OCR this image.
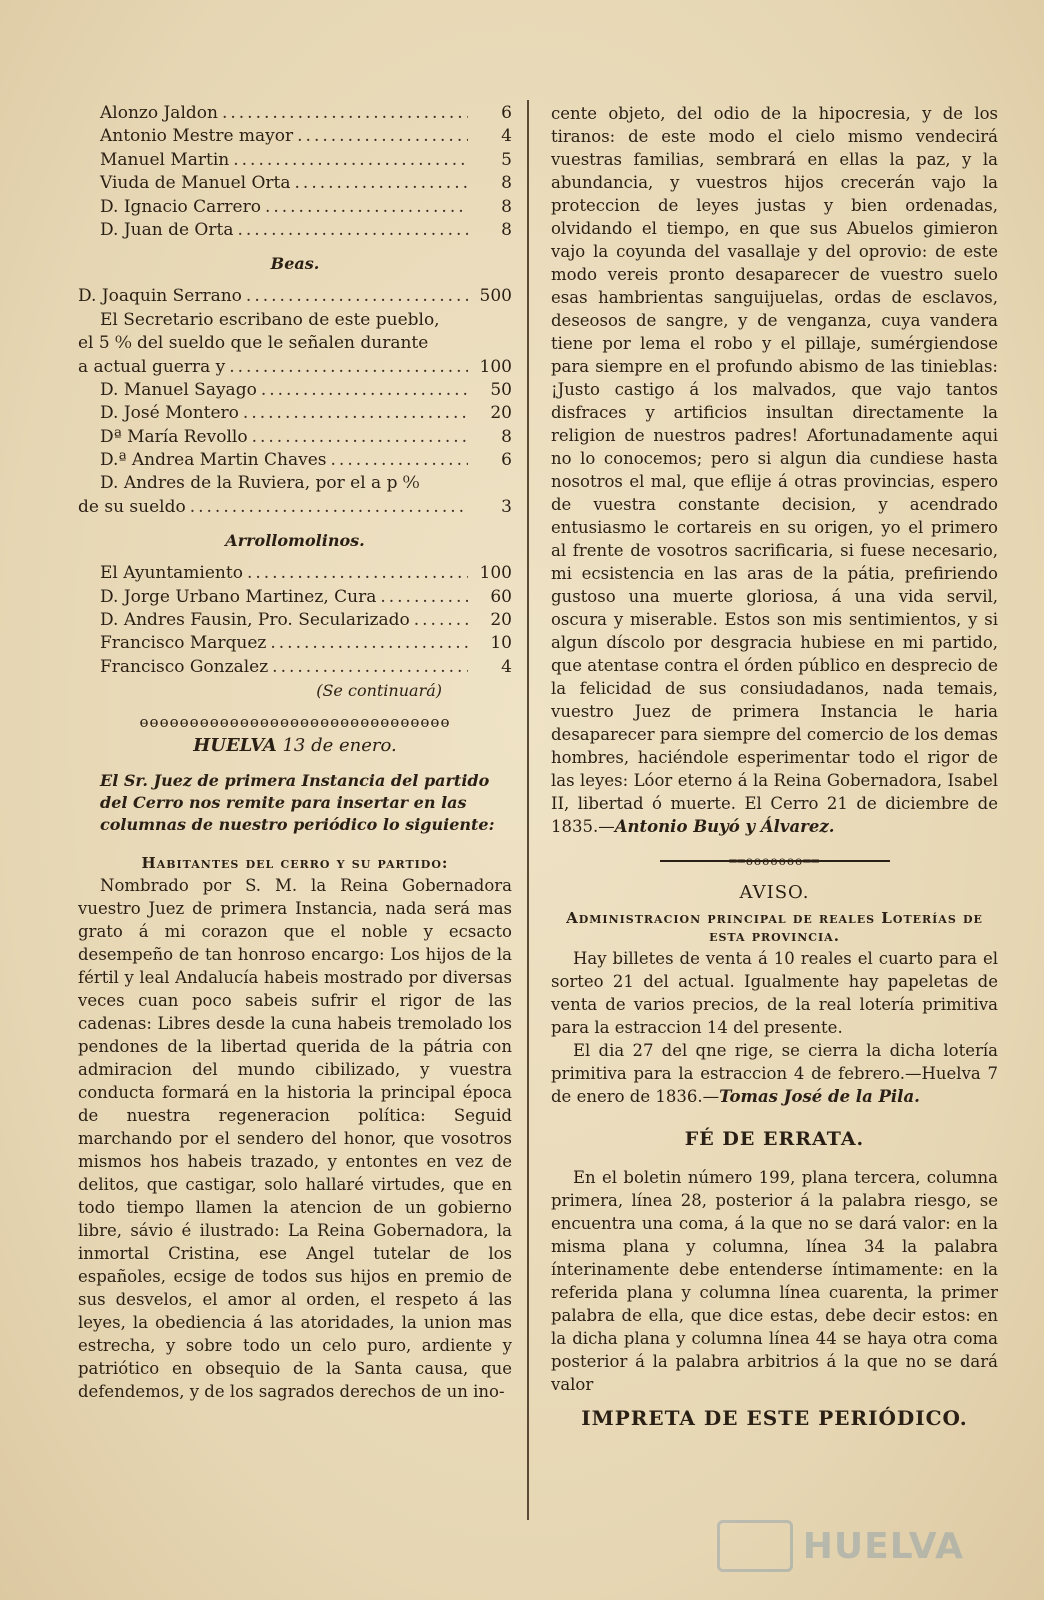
Alonzo Jaldon .....	6
Antonio Mestre mayor .....	4
Manuel Martin .....	5
Viuda de Manuel Orta .....	8
D. Ignacio Carrero .....	8
D. Juan de Orta .....	8
Beas.
D. Joaquin Serrano .....	500
El Secretario escribano de este pueblo,
el 5 ⁰⁄₀ del sueldo que le señalen durante
a actual guerra y .....	100
D. Manuel Sayago .....	50
D. José Montero .....	20
Dª María Revollo .....	8
D.ª Andrea Martin Chaves .....	6
D. Andres de la Ruviera, por el a p ⁰⁄₀
de su sueldo .....	3
Arrollomolinos.
El Ayuntamiento .....	100
D. Jorge Urbano Martinez, Cura .....	60
D. Andres Fausin, Pro. Secularizado .....	20
Francisco Marquez .....	10
Francisco Gonzalez .....	4
(Se continuará)
ɵɵɵɵɵɵɵɵɵɵɵɵɵɵɵɵɵɵɵɵɵɵɵɵɵɵɵɵɵɵɵ
HUELVA 13 de enero.

El Sr. Juez de primera Instancia del partido del Cerro nos remite para insertar en las columnas de nuestro periódico lo siguiente:

Habitantes del cerro y su partido:

Nombrado por S. M. la Reina Gobernadora vuestro Juez de primera Instancia, nada será mas grato á mi corazon que el noble y ecsacto desempeño de tan honroso encargo: Los hijos de la fértil y leal Andalucía habeis mostrado por diversas veces cuan poco sabeis sufrir el rigor de las cadenas: Libres desde la cuna habeis tremolado los pendones de la libertad querida de la pátria con admiracion del mundo cibilizado, y vuestra conducta formará en la historia la principal época de nuestra regeneracion política: Seguid marchando por el sendero del honor, que vosotros mismos hos habeis trazado, y entontes en vez de delitos, que castigar, solo hallaré virtudes, que en todo tiempo llamen la atencion de un gobierno libre, sávio é ilustrado: La Reina Gobernadora, la inmortal Cristina, ese Angel tutelar de los españoles, ecsige de todos sus hijos en premio de sus desvelos, el amor al orden, el respeto á las leyes, la obediencia á las atoridades, la union mas estrecha, y sobre todo un celo puro, ardiente y patriótico en obsequio de la Santa causa, que defendemos, y de los sagrados derechos de un ino-

cente objeto, del odio de la hipocresia, y de los tiranos: de este modo el cielo mismo vendecirá vuestras familias, sembrará en ellas la paz, y la abundancia, y vuestros hijos crecerán vajo la proteccion de leyes justas y bien ordenadas, olvidando el tiempo, en que sus Abuelos gimieron vajo la coyunda del vasallaje y del oprovio: de este modo vereis pronto desaparecer de vuestro suelo esas hambrientas sanguijuelas, ordas de esclavos, deseosos de sangre, y de venganza, cuya vandera tiene por lema el robo y el pillaje, sumérgiendose para siempre en el profundo abismo de las tinieblas: ¡Justo castigo á los malvados, que vajo tantos disfraces y artificios insultan directamente la religion de nuestros padres! Afortunadamente aqui no lo conocemos; pero si algun dia cundiese hasta nosotros el mal, que eflije á otras provincias, espero de vuestra constante decision, y acendrado entusiasmo le cortareis en su origen, yo el primero al frente de vosotros sacrificaria, si fuese necesario, mi ecsistencia en las aras de la pátia, prefiriendo gustoso una muerte gloriosa, á una vida servil, oscura y miserable. Estos son mis sentimientos, y si algun díscolo por desgracia hubiese en mi partido, que atentase contra el órden público en desprecio de la felicidad de sus consiudadanos, nada temais, vuestro Juez de primera Instancia le haria desaparecer para siempre del comercio de los demas hombres, haciéndole esperimentar todo el rigor de las leyes: Lóor eterno á la Reina Gobernadora, Isabel II, libertad ó muerte. El Cerro 21 de diciembre de 1835.—Antonio Buyó y Álvarez.

AVISO.
Administracion principal de reales Loterías de esta provincia.

Hay billetes de venta á 10 reales el cuarto para el sorteo 21 del actual. Igualmente hay papeletas de venta de varios precios, de la real lotería primitiva para la estraccion 14 del presente.

El dia 27 del qne rige, se cierra la dicha lotería primitiva para la estraccion 4 de febrero.—Huelva 7 de enero de 1836.—Tomas José de la Pila.

FÉ DE ERRATA.

En el boletin número 199, plana tercera, columna primera, línea 28, posterior á la palabra riesgo, se encuentra una coma, á la que no se dará valor: en la misma plana y columna, línea 34 la palabra ínterinamente debe entenderse íntimamente: en la referida plana y columna línea cuarenta, la primer palabra de ella, que dice estas, debe decir estos: en la dicha plana y columna línea 44 se haya otra coma posterior á la palabra arbitrios á la que no se dará valor

IMPRETA DE ESTE PERIÓDICO.
HUELVA
